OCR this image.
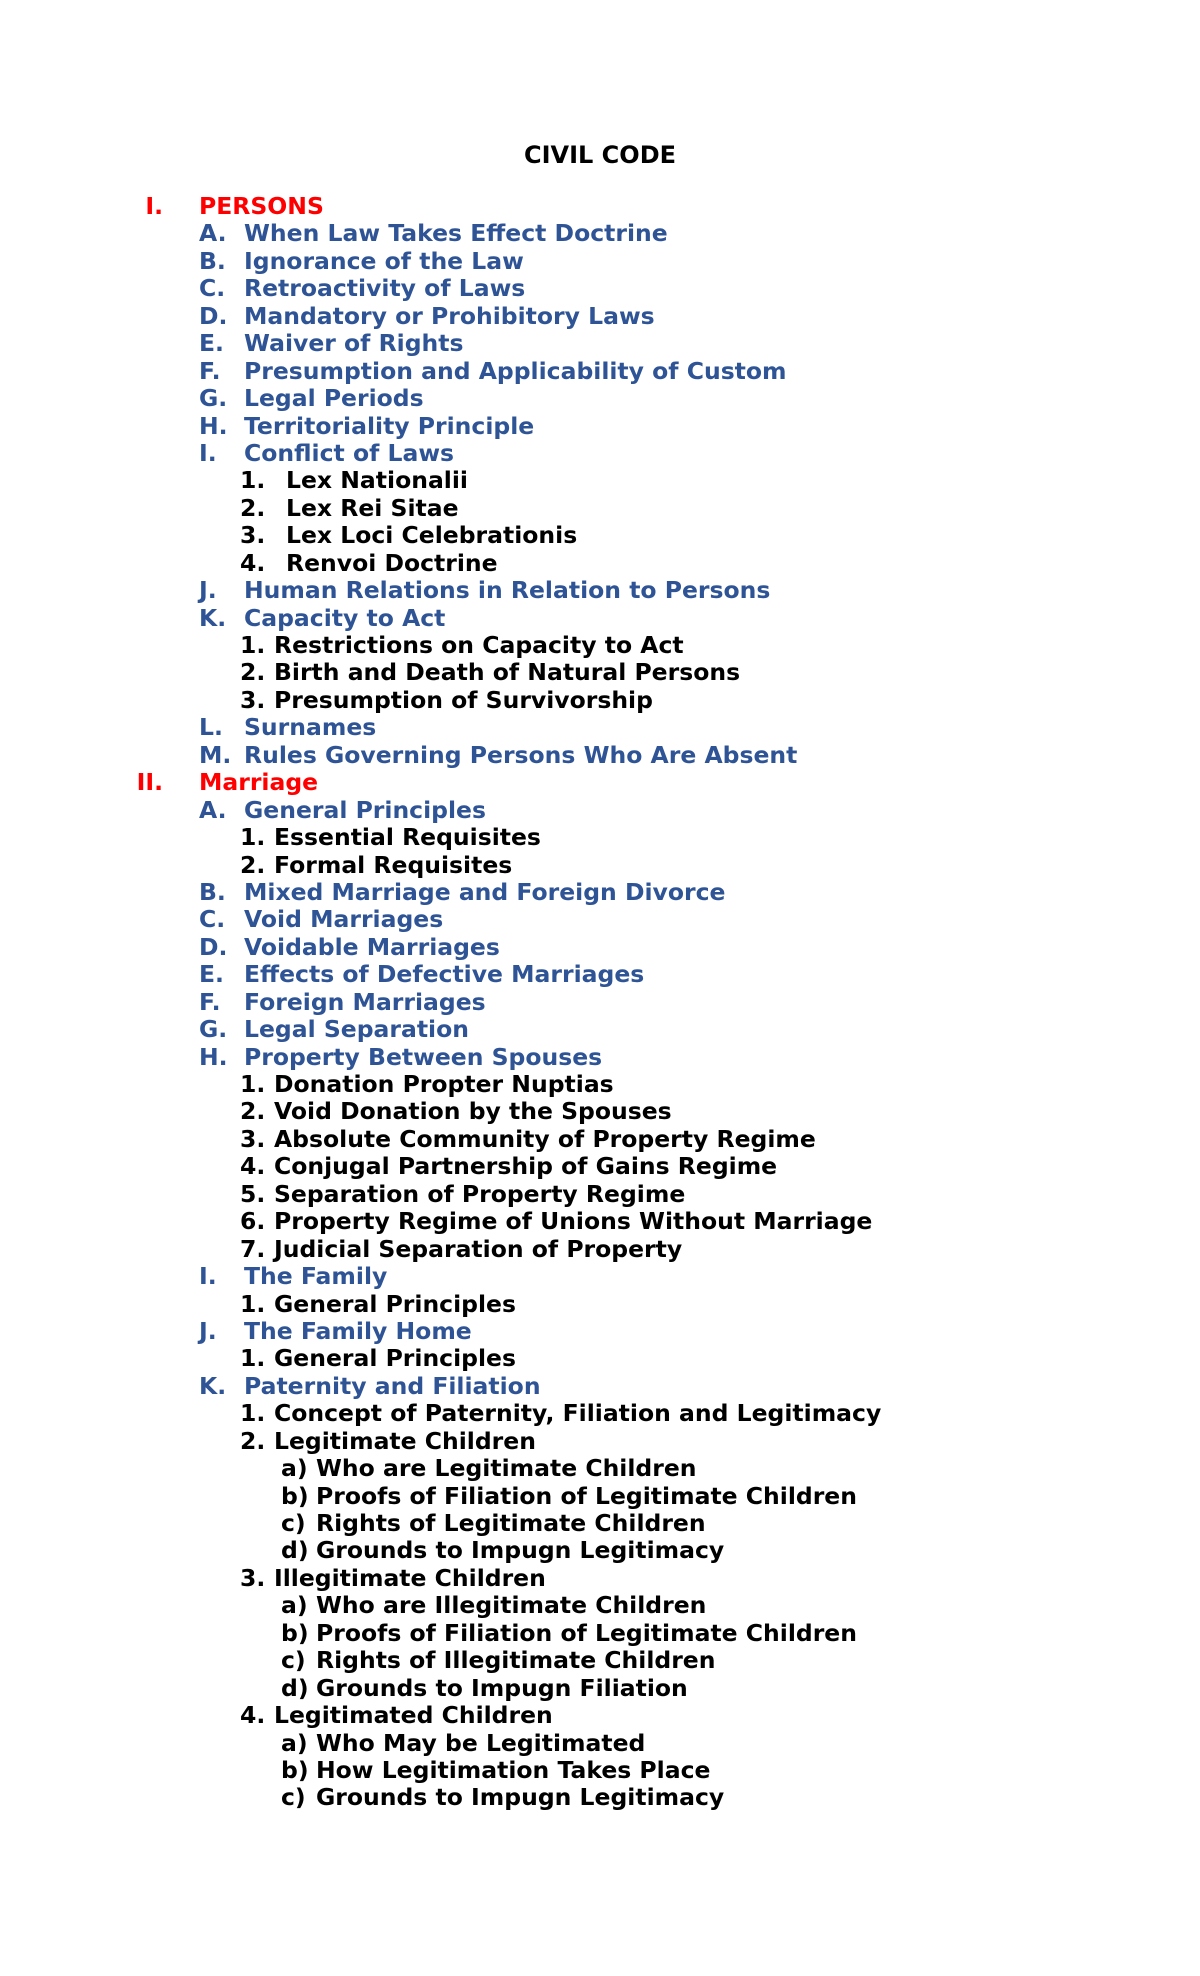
CIVIL CODE
I. PERSONS
A. When Law Takes Effect Doctrine
B. Ignorance of the Law
C. Retroactivity of Laws
D. Mandatory or Prohibitory Laws
E. Waiver of Rights
F. Presumption and Applicability of Custom
G. Legal Periods
H. Territoriality Principle
I. Conflict of Laws
1. Lex Nationalii
2. Lex Rei Sitae
3. Lex Loci Celebrationis
4. Renvoi Doctrine
J. Human Relations in Relation to Persons
K. Capacity to Act
1. Restrictions on Capacity to Act
2. Birth and Death of Natural Persons
3. Presumption of Survivorship
L. Surnames
M. Rules Governing Persons Who Are Absent
II. Marriage
A. General Principles
1. Essential Requisites
2. Formal Requisites
B. Mixed Marriage and Foreign Divorce
C. Void Marriages
D. Voidable Marriages
E. Effects of Defective Marriages
F. Foreign Marriages
G. Legal Separation
H. Property Between Spouses
1. Donation Propter Nuptias
2. Void Donation by the Spouses
3. Absolute Community of Property Regime
4. Conjugal Partnership of Gains Regime
5. Separation of Property Regime
6. Property Regime of Unions Without Marriage
7. Judicial Separation of Property
I. The Family
1. General Principles
J. The Family Home
1. General Principles
K. Paternity and Filiation
1. Concept of Paternity, Filiation and Legitimacy
2. Legitimate Children
a) Who are Legitimate Children
b) Proofs of Filiation of Legitimate Children
c) Rights of Legitimate Children
d) Grounds to Impugn Legitimacy
3. Illegitimate Children
a) Who are Illegitimate Children
b) Proofs of Filiation of Legitimate Children
c) Rights of Illegitimate Children
d) Grounds to Impugn Filiation
4. Legitimated Children
a) Who May be Legitimated
b) How Legitimation Takes Place
c) Grounds to Impugn Legitimacy
